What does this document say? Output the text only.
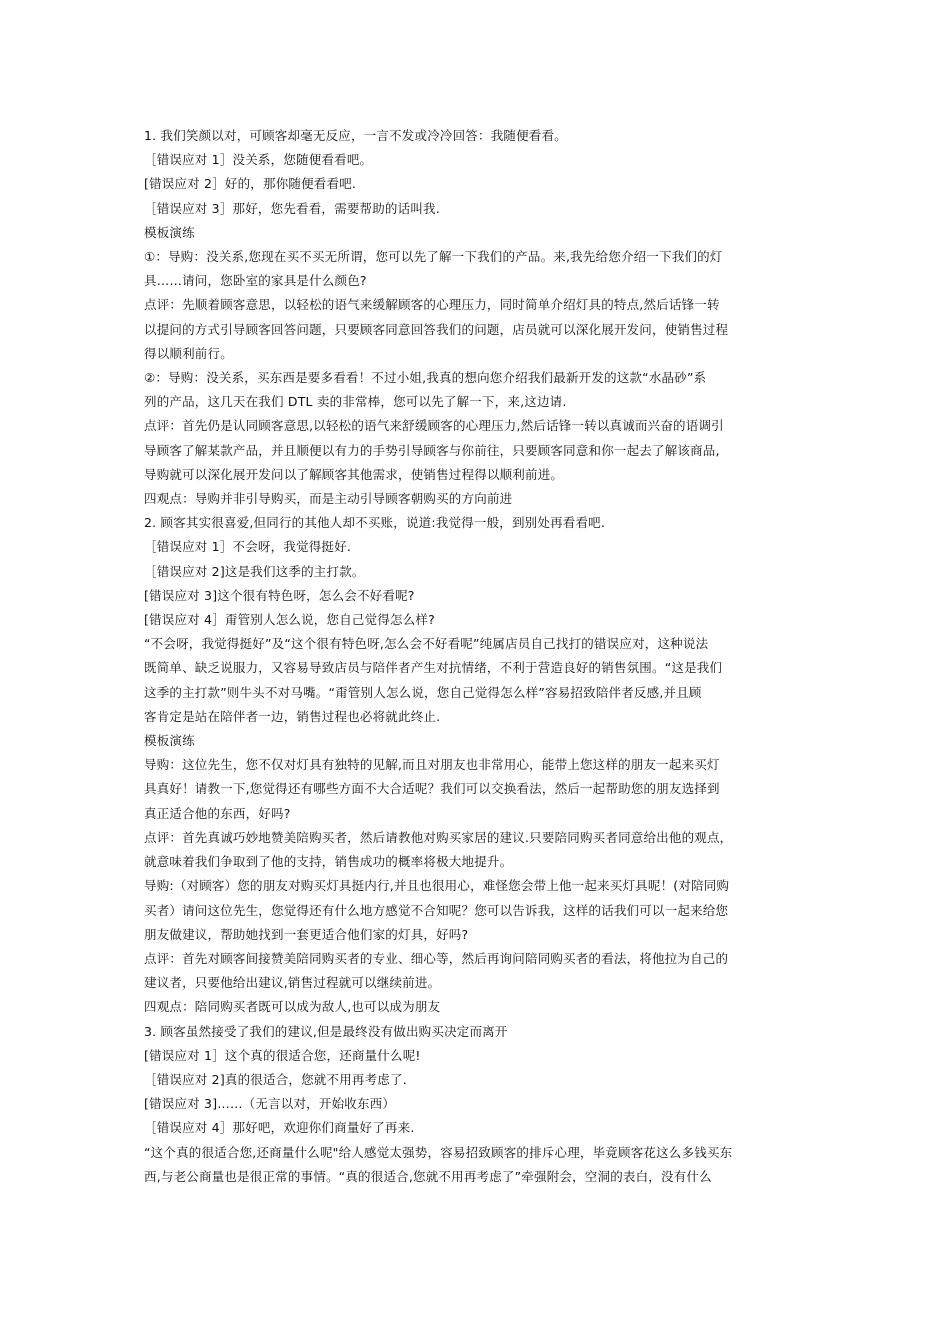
1. 我们笑颜以对，可顾客却毫无反应，一言不发或冷冷回答：我随便看看。
［错误应对 1］没关系，您随便看看吧。
[错误应对 2］好的，那你随便看看吧.
［错误应对 3］那好，您先看看，需要帮助的话叫我.
模板演练
①：导购：没关系,您现在买不买无所谓，您可以先了解一下我们的产品。来,我先给您介绍一下我们的灯
具……请问，您卧室的家具是什么颜色?
点评：先顺着顾客意思，以轻松的语气来缓解顾客的心理压力，同时简单介绍灯具的特点,然后话锋一转
以提问的方式引导顾客回答问题，只要顾客同意回答我们的问题，店员就可以深化展开发问，使销售过程
得以顺利前行。
②：导购：没关系，买东西是要多看看！不过小姐,我真的想向您介绍我们最新开发的这款“水晶砂”系
列的产品，这几天在我们 DTL 卖的非常棒，您可以先了解一下，来,这边请.
点评：首先仍是认同顾客意思,以轻松的语气来舒缓顾客的心理压力,然后话锋一转以真诚而兴奋的语调引
导顾客了解某款产品，并且顺便以有力的手势引导顾客与你前往，只要顾客同意和你一起去了解该商品,
导购就可以深化展开发问以了解顾客其他需求，使销售过程得以顺利前进。
四观点：导购并非引导购买，而是主动引导顾客朝购买的方向前进
2. 顾客其实很喜爱,但同行的其他人却不买账，说道:我觉得一般，到别处再看看吧.
［错误应对 1］不会呀，我觉得挺好.
［错误应对 2]这是我们这季的主打款。
[错误应对 3]这个很有特色呀，怎么会不好看呢?
[错误应对 4］甭管别人怎么说，您自己觉得怎么样?
“不会呀，我觉得挺好”及“这个很有特色呀,怎么会不好看呢”纯属店员自己找打的错误应对，这种说法
既简单、缺乏说服力，又容易导致店员与陪伴者产生对抗情绪，不利于营造良好的销售氛围。“这是我们
这季的主打款”则牛头不对马嘴。“甭管别人怎么说，您自己觉得怎么样”容易招致陪伴者反感,并且顾
客肯定是站在陪伴者一边，销售过程也必将就此终止.
模板演练
导购：这位先生，您不仅对灯具有独特的见解,而且对朋友也非常用心，能带上您这样的朋友一起来买灯
具真好！请教一下,您觉得还有哪些方面不大合适呢？我们可以交换看法，然后一起帮助您的朋友选择到
真正适合他的东西，好吗?
点评：首先真诚巧妙地赞美陪购买者，然后请教他对购买家居的建议.只要陪同购买者同意给出他的观点，
就意味着我们争取到了他的支持，销售成功的概率将极大地提升。
导购:（对顾客）您的朋友对购买灯具挺内行,并且也很用心，难怪您会带上他一起来买灯具呢！(对陪同购
买者）请问这位先生，您觉得还有什么地方感觉不合知呢？您可以告诉我，这样的话我们可以一起来给您
朋友做建议，帮助她找到一套更适合他们家的灯具，好吗?
点评：首先对顾客间接赞美陪同购买者的专业、细心等，然后再询问陪同购买者的看法，将他拉为自己的
建议者，只要他给出建议,销售过程就可以继续前进。
四观点：陪同购买者既可以成为敌人,也可以成为朋友
3. 顾客虽然接受了我们的建议,但是最终没有做出购买决定而离开
[错误应对 1］这个真的很适合您，还商量什么呢!
［错误应对 2]真的很适合，您就不用再考虑了.
[错误应对 3]……（无言以对，开始收东西）
［错误应对 4］那好吧，欢迎你们商量好了再来.
“这个真的很适合您,还商量什么呢"给人感觉太强势，容易招致顾客的排斥心理，毕竟顾客花这么多钱买东
西,与老公商量也是很正常的事情。“真的很适合,您就不用再考虑了”牵强附会，空洞的表白，没有什么
